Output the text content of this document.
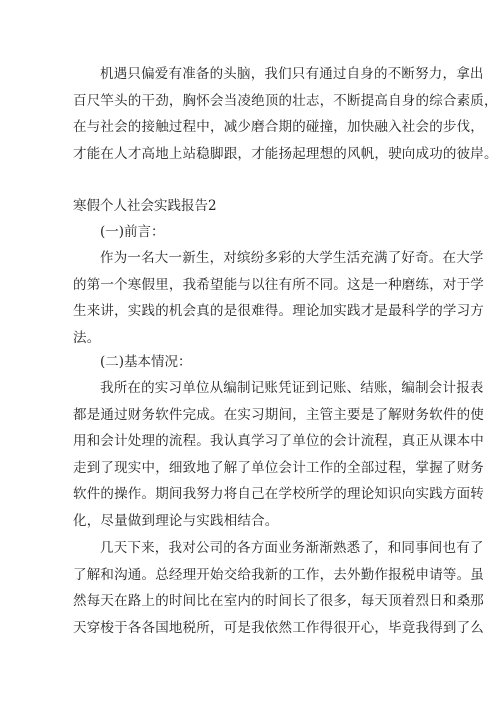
机遇只偏爱有准备的头脑，我们只有通过自身的不断努力，拿出
百尺竿头的干劲，胸怀会当凌绝顶的壮志，不断提高自身的综合素质，
在与社会的接触过程中，减少磨合期的碰撞，加快融入社会的步伐，
才能在人才高地上站稳脚跟，才能扬起理想的风帆，驶向成功的彼岸。

寒假个人社会实践报告2

(一)前言：

作为一名大一新生，对缤纷多彩的大学生活充满了好奇。在大学
的第一个寒假里，我希望能与以往有所不同。这是一种磨练，对于学
生来讲，实践的机会真的是很难得。理论加实践才是最科学的学习方
法。

(二)基本情况：

我所在的实习单位从编制记账凭证到记账、结账，编制会计报表
都是通过财务软件完成。在实习期间，主管主要是了解财务软件的使
用和会计处理的流程。我认真学习了单位的会计流程，真正从课本中
走到了现实中，细致地了解了单位会计工作的全部过程，掌握了财务
软件的操作。期间我努力将自己在学校所学的理论知识向实践方面转
化，尽量做到理论与实践相结合。
几天下来，我对公司的各方面业务渐渐熟悉了，和同事间也有了
了解和沟通。总经理开始交给我新的工作，去外勤作报税申请等。虽
然每天在路上的时间比在室内的时间长了很多，每天顶着烈日和桑那
天穿梭于各各国地税所，可是我依然工作得很开心，毕竟我得到了么
